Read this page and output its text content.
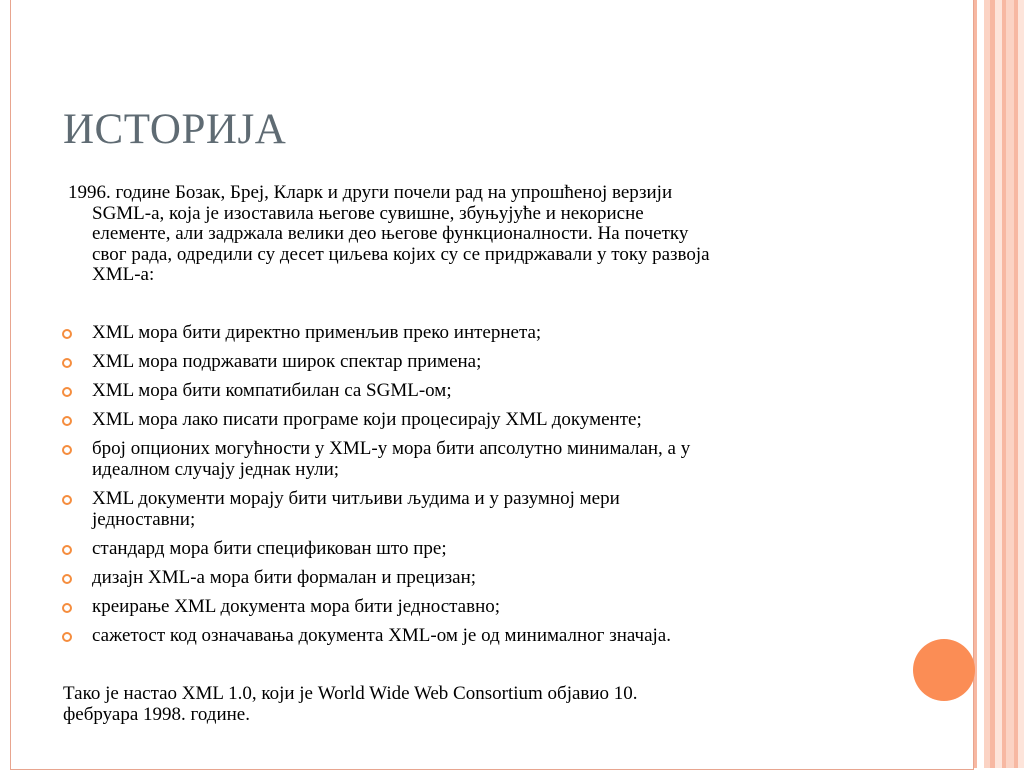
ИСТОРИЈА
1996. године Бозак, Бреј, Кларк и други почели рад на упрошћеној верзији
SGML-а, која је изоставила његове сувишне, збуњујуће и некорисне
елементе, али задржала велики део његове функционалности. На почетку
свог рада, одредили су десет циљева којих су се придржавали у току развоја
XML-а:
XML мора бити директно применљив преко интернета;
XML мора подржавати широк спектар примена;
XML мора бити компатибилан са SGML-ом;
XML мора лако писати програме који процесирају XML документе;
број опционих могућности у XML-у мора бити апсолутно минималан, а у
идеалном случају једнак нули;
XML документи морају бити читљиви људима и у разумној мери
једноставни;
стандард мора бити спецификован што пре;
дизајн XML-а мора бити формалан и прецизан;
креирање XML документа мора бити једноставно;
сажетост код означавања документа XML-ом је од минималног значаја.
Тако је настао XML 1.0, који је World Wide Web Consortium објавио 10.
фебруара 1998. године.
